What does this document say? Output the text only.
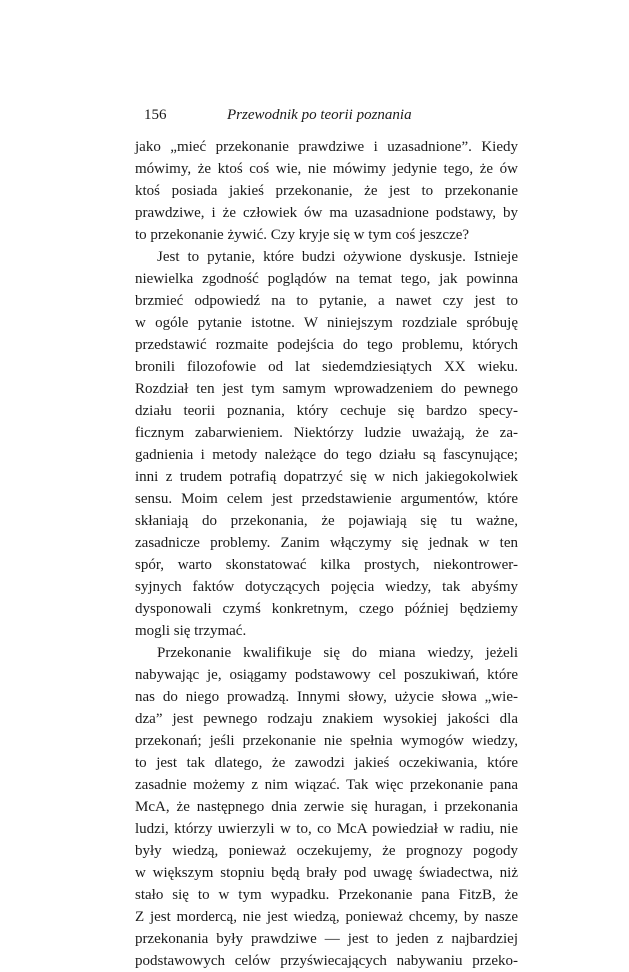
156	Przewodnik po teorii poznania
jako „mieć przekonanie prawdziwe i uzasadnione”. Kiedy
mówimy, że ktoś coś wie, nie mówimy jedynie tego, że ów
ktoś posiada jakieś przekonanie, że jest to przekonanie
prawdziwe, i że człowiek ów ma uzasadnione podstawy, by
to przekonanie żywić. Czy kryje się w tym coś jeszcze?
Jest to pytanie, które budzi ożywione dyskusje. Istnieje
niewielka zgodność poglądów na temat tego, jak powinna
brzmieć odpowiedź na to pytanie, a nawet czy jest to
w ogóle pytanie istotne. W niniejszym rozdziale spróbuję
przedstawić rozmaite podejścia do tego problemu, których
bronili filozofowie od lat siedemdziesiątych XX wieku.
Rozdział ten jest tym samym wprowadzeniem do pewnego
działu teorii poznania, który cechuje się bardzo specy-
ficznym zabarwieniem. Niektórzy ludzie uważają, że za-
gadnienia i metody należące do tego działu są fascynujące;
inni z trudem potrafią dopatrzyć się w nich jakiegokolwiek
sensu. Moim celem jest przedstawienie argumentów, które
skłaniają do przekonania, że pojawiają się tu ważne,
zasadnicze problemy. Zanim włączymy się jednak w ten
spór, warto skonstatować kilka prostych, niekontrower-
syjnych faktów dotyczących pojęcia wiedzy, tak abyśmy
dysponowali czymś konkretnym, czego później będziemy
mogli się trzymać.
Przekonanie kwalifikuje się do miana wiedzy, jeżeli
nabywając je, osiągamy podstawowy cel poszukiwań, które
nas do niego prowadzą. Innymi słowy, użycie słowa „wie-
dza” jest pewnego rodzaju znakiem wysokiej jakości dla
przekonań; jeśli przekonanie nie spełnia wymogów wiedzy,
to jest tak dlatego, że zawodzi jakieś oczekiwania, które
zasadnie możemy z nim wiązać. Tak więc przekonanie pana
McA, że następnego dnia zerwie się huragan, i przekonania
ludzi, którzy uwierzyli w to, co McA powiedział w radiu, nie
były wiedzą, ponieważ oczekujemy, że prognozy pogody
w większym stopniu będą brały pod uwagę świadectwa, niż
stało się to w tym wypadku. Przekonanie pana FitzB, że
Z jest mordercą, nie jest wiedzą, ponieważ chcemy, by nasze
przekonania były prawdziwe — jest to jeden z najbardziej
podstawowych celów przyświecających nabywaniu przeko-
